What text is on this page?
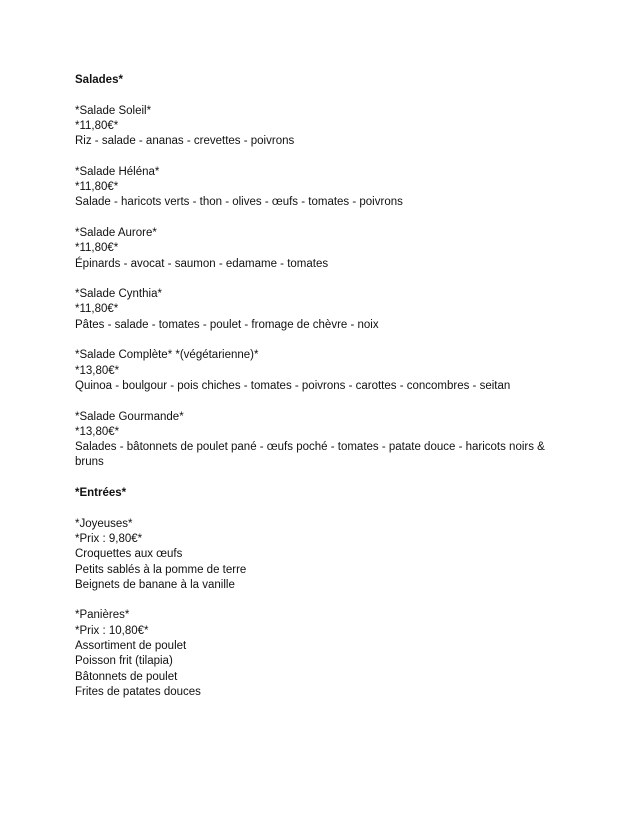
Salades*

*Salade Soleil*

*11,80€*

Riz - salade - ananas - crevettes - poivrons

*Salade Héléna*

*11,80€*

Salade - haricots verts - thon - olives - œufs - tomates - poivrons

*Salade Aurore*

*11,80€*

Épinards - avocat - saumon - edamame - tomates

*Salade Cynthia*

*11,80€*

Pâtes - salade - tomates - poulet - fromage de chèvre - noix

*Salade Complète* *(végétarienne)*

*13,80€*

Quinoa - boulgour - pois chiches - tomates - poivrons - carottes - concombres - seitan

*Salade Gourmande*

*13,80€*

Salades - bâtonnets de poulet pané - œufs poché - tomates - patate douce - haricots noirs & bruns

*Entrées*

*Joyeuses*

*Prix : 9,80€*

Croquettes aux œufs

Petits sablés à la pomme de terre

Beignets de banane à la vanille

*Panières*

*Prix : 10,80€*

Assortiment de poulet

Poisson frit (tilapia)

Bâtonnets de poulet

Frites de patates douces
